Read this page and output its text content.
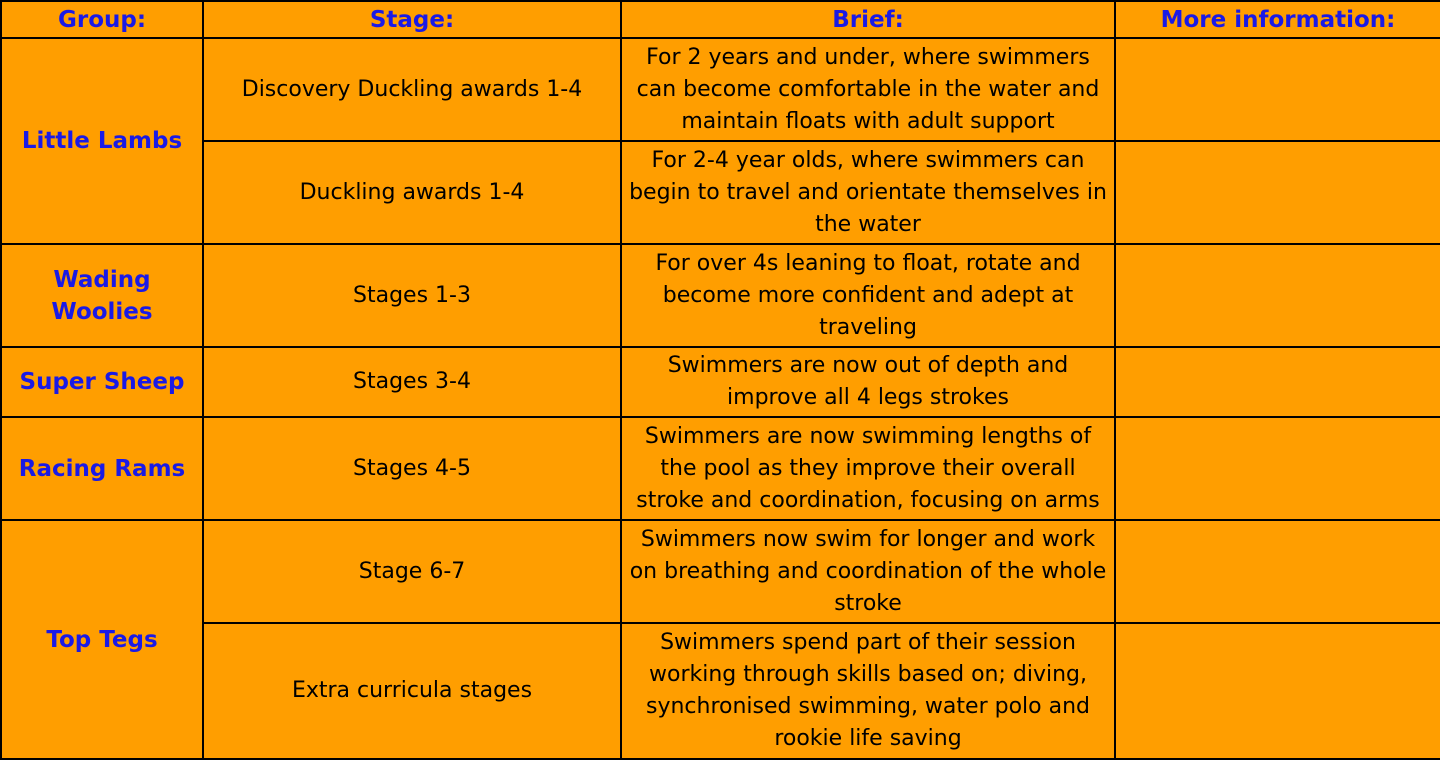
Group:	Stage:	Brief:	More information:
Little Lambs	Discovery Duckling awards 1-4	For 2 years and under, where swimmers can become comfortable in the water and maintain floats with adult support	
	Duckling awards 1-4	For 2-4 year olds, where swimmers can begin to travel and orientate themselves in the water	
Wading Woolies	Stages 1-3	For over 4s leaning to float, rotate and become more confident and adept at traveling	
Super Sheep	Stages 3-4	Swimmers are now out of depth and improve all 4 legs strokes	
Racing Rams	Stages 4-5	Swimmers are now swimming lengths of the pool as they improve their overall stroke and coordination, focusing on arms	
Top Tegs	Stage 6-7	Swimmers now swim for longer and work on breathing and coordination of the whole stroke	
	Extra curricula stages	Swimmers spend part of their session working through skills based on; diving, synchronised swimming, water polo and rookie life saving	
